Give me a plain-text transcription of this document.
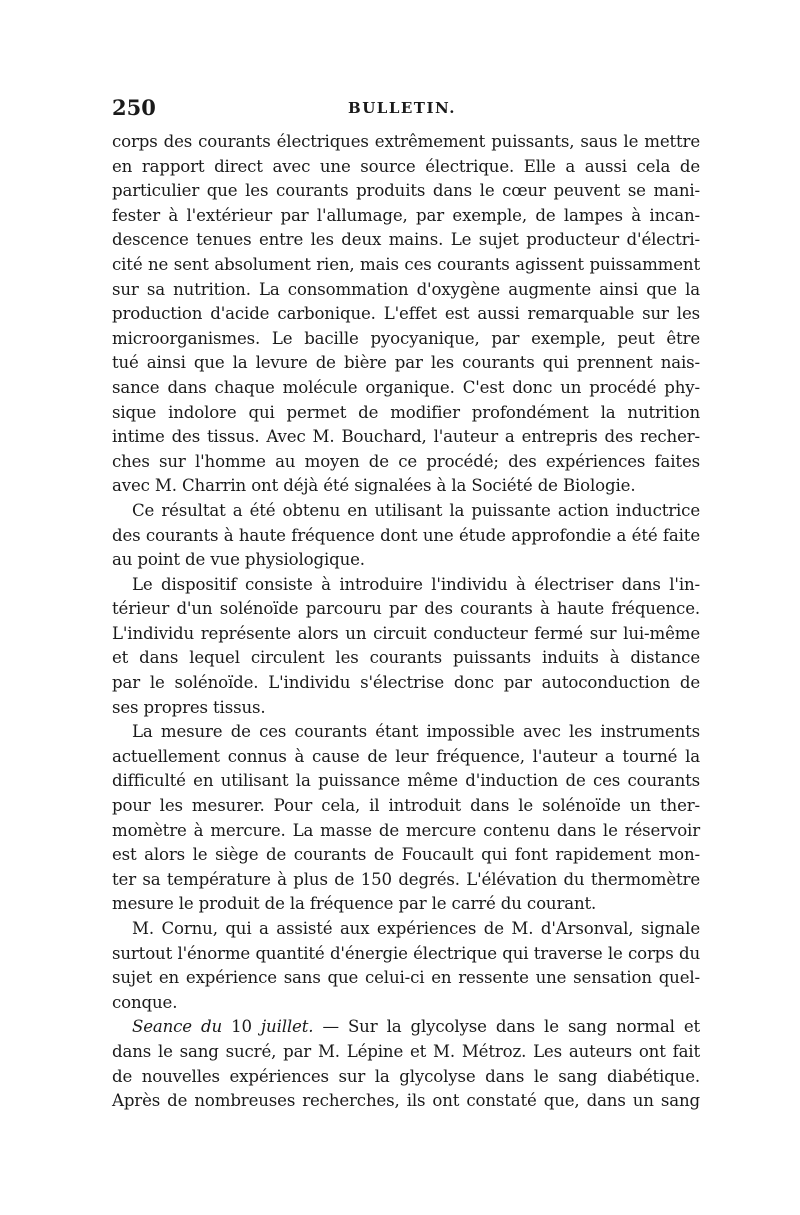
250	BULLETIN.
corps des courants électriques extrêmement puissants, saus le mettre
en rapport direct avec une source électrique. Elle a aussi cela de
particulier que les courants produits dans le cœur peuvent se mani-
fester à l'extérieur par l'allumage, par exemple, de lampes à incan-
descence tenues entre les deux mains. Le sujet producteur d'électri-
cité ne sent absolument rien, mais ces courants agissent puissamment
sur sa nutrition. La consommation d'oxygène augmente ainsi que la
production d'acide carbonique. L'effet est aussi remarquable sur les
microorganismes. Le bacille pyocyanique, par exemple, peut être
tué ainsi que la levure de bière par les courants qui prennent nais-
sance dans chaque molécule organique. C'est donc un procédé phy-
sique indolore qui permet de modifier profondément la nutrition
intime des tissus. Avec M. Bouchard, l'auteur a entrepris des recher-
ches sur l'homme au moyen de ce procédé; des expériences faites
avec M. Charrin ont déjà été signalées à la Société de Biologie.
Ce résultat a été obtenu en utilisant la puissante action inductrice
des courants à haute fréquence dont une étude approfondie a été faite
au point de vue physiologique.
Le dispositif consiste à introduire l'individu à électriser dans l'in-
térieur d'un solénoïde parcouru par des courants à haute fréquence.
L'individu représente alors un circuit conducteur fermé sur lui-même
et dans lequel circulent les courants puissants induits à distance
par le solénoïde. L'individu s'électrise donc par autoconduction de
ses propres tissus.
La mesure de ces courants étant impossible avec les instruments
actuellement connus à cause de leur fréquence, l'auteur a tourné la
difficulté en utilisant la puissance même d'induction de ces courants
pour les mesurer. Pour cela, il introduit dans le solénoïde un ther-
momètre à mercure. La masse de mercure contenu dans le réservoir
est alors le siège de courants de Foucault qui font rapidement mon-
ter sa température à plus de 150 degrés. L'élévation du thermomètre
mesure le produit de la fréquence par le carré du courant.
M. Cornu, qui a assisté aux expériences de M. d'Arsonval, signale
surtout l'énorme quantité d'énergie électrique qui traverse le corps du
sujet en expérience sans que celui-ci en ressente une sensation quel-
conque.
Seance du 10 juillet. — Sur la glycolyse dans le sang normal et
dans le sang sucré, par M. Lépine et M. Métroz. Les auteurs ont fait
de nouvelles expériences sur la glycolyse dans le sang diabétique.
Après de nombreuses recherches, ils ont constaté que, dans un sang
